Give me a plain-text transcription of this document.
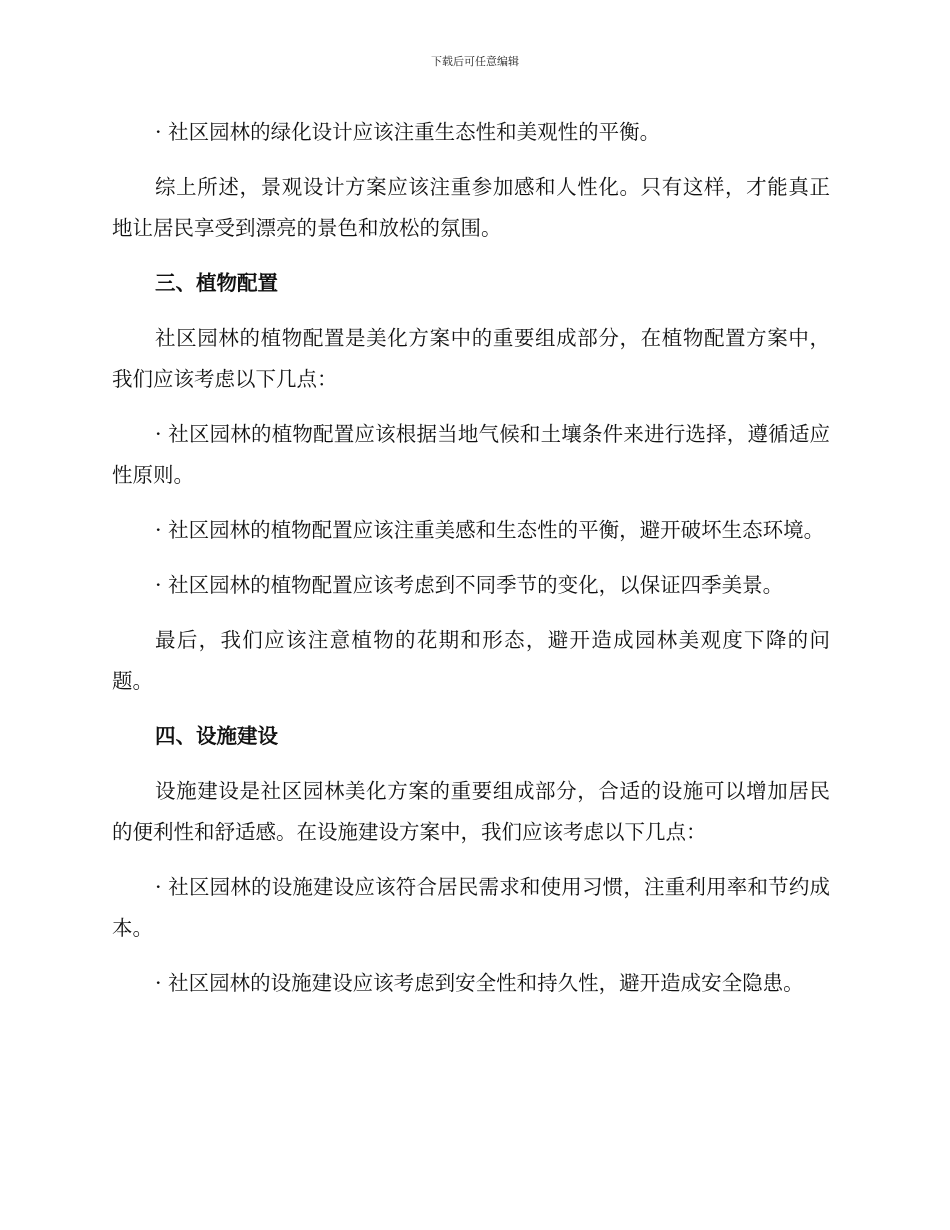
下载后可任意编辑

· 社区园林的绿化设计应该注重生态性和美观性的平衡。

综上所述，景观设计方案应该注重参加感和人性化。只有这样，才能真正地让居民享受到漂亮的景色和放松的氛围。

三、植物配置

社区园林的植物配置是美化方案中的重要组成部分，在植物配置方案中，我们应该考虑以下几点：

· 社区园林的植物配置应该根据当地气候和土壤条件来进行选择，遵循适应性原则。

· 社区园林的植物配置应该注重美感和生态性的平衡，避开破坏生态环境。

· 社区园林的植物配置应该考虑到不同季节的变化，以保证四季美景。

最后，我们应该注意植物的花期和形态，避开造成园林美观度下降的问题。

四、设施建设

设施建设是社区园林美化方案的重要组成部分，合适的设施可以增加居民的便利性和舒适感。在设施建设方案中，我们应该考虑以下几点：

· 社区园林的设施建设应该符合居民需求和使用习惯，注重利用率和节约成本。

· 社区园林的设施建设应该考虑到安全性和持久性，避开造成安全隐患。
